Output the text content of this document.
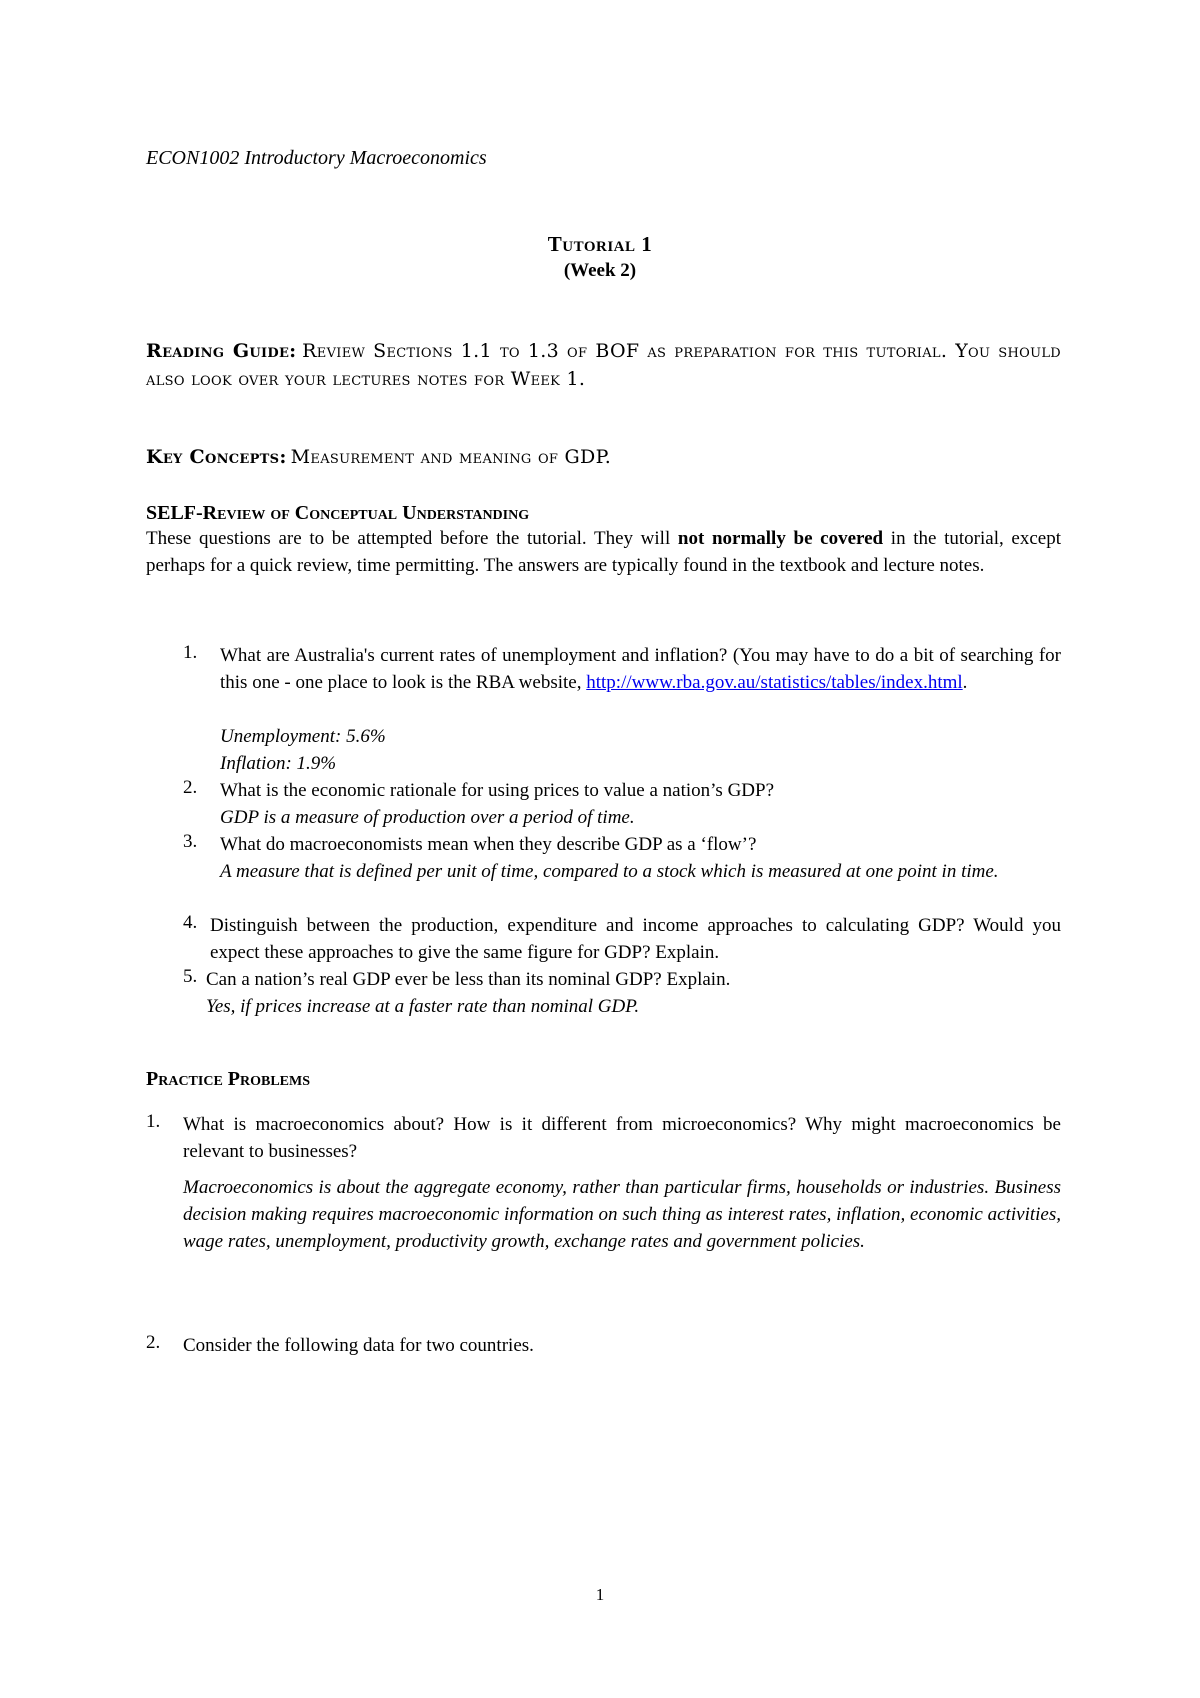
ECON1002 Introductory Macroeconomics
Tutorial 1
(Week 2)
Reading Guide: Review Sections 1.1 to 1.3 of BOF as preparation for this tutorial. You should also look over your lectures notes for Week 1.
Key Concepts: Measurement and meaning of GDP.
SELF-Review of Conceptual Understanding
These questions are to be attempted before the tutorial. They will not normally be covered in the tutorial, except perhaps for a quick review, time permitting. The answers are typically found in the textbook and lecture notes.
1. What are Australia's current rates of unemployment and inflation? (You may have to do a bit of searching for this one - one place to look is the RBA website, http://www.rba.gov.au/statistics/tables/index.html.
Unemployment: 5.6%
Inflation: 1.9%
2. What is the economic rationale for using prices to value a nation’s GDP?
GDP is a measure of production over a period of time.
3. What do macroeconomists mean when they describe GDP as a ‘flow’?
A measure that is defined per unit of time, compared to a stock which is measured at one point in time.
4. Distinguish between the production, expenditure and income approaches to calculating GDP? Would you expect these approaches to give the same figure for GDP? Explain.
5. Can a nation’s real GDP ever be less than its nominal GDP? Explain.
Yes, if prices increase at a faster rate than nominal GDP.
Practice Problems
1. What is macroeconomics about? How is it different from microeconomics? Why might macroeconomics be relevant to businesses?
Macroeconomics is about the aggregate economy, rather than particular firms, households or industries. Business decision making requires macroeconomic information on such thing as interest rates, inflation, economic activities, wage rates, unemployment, productivity growth, exchange rates and government policies.
2. Consider the following data for two countries.
1
